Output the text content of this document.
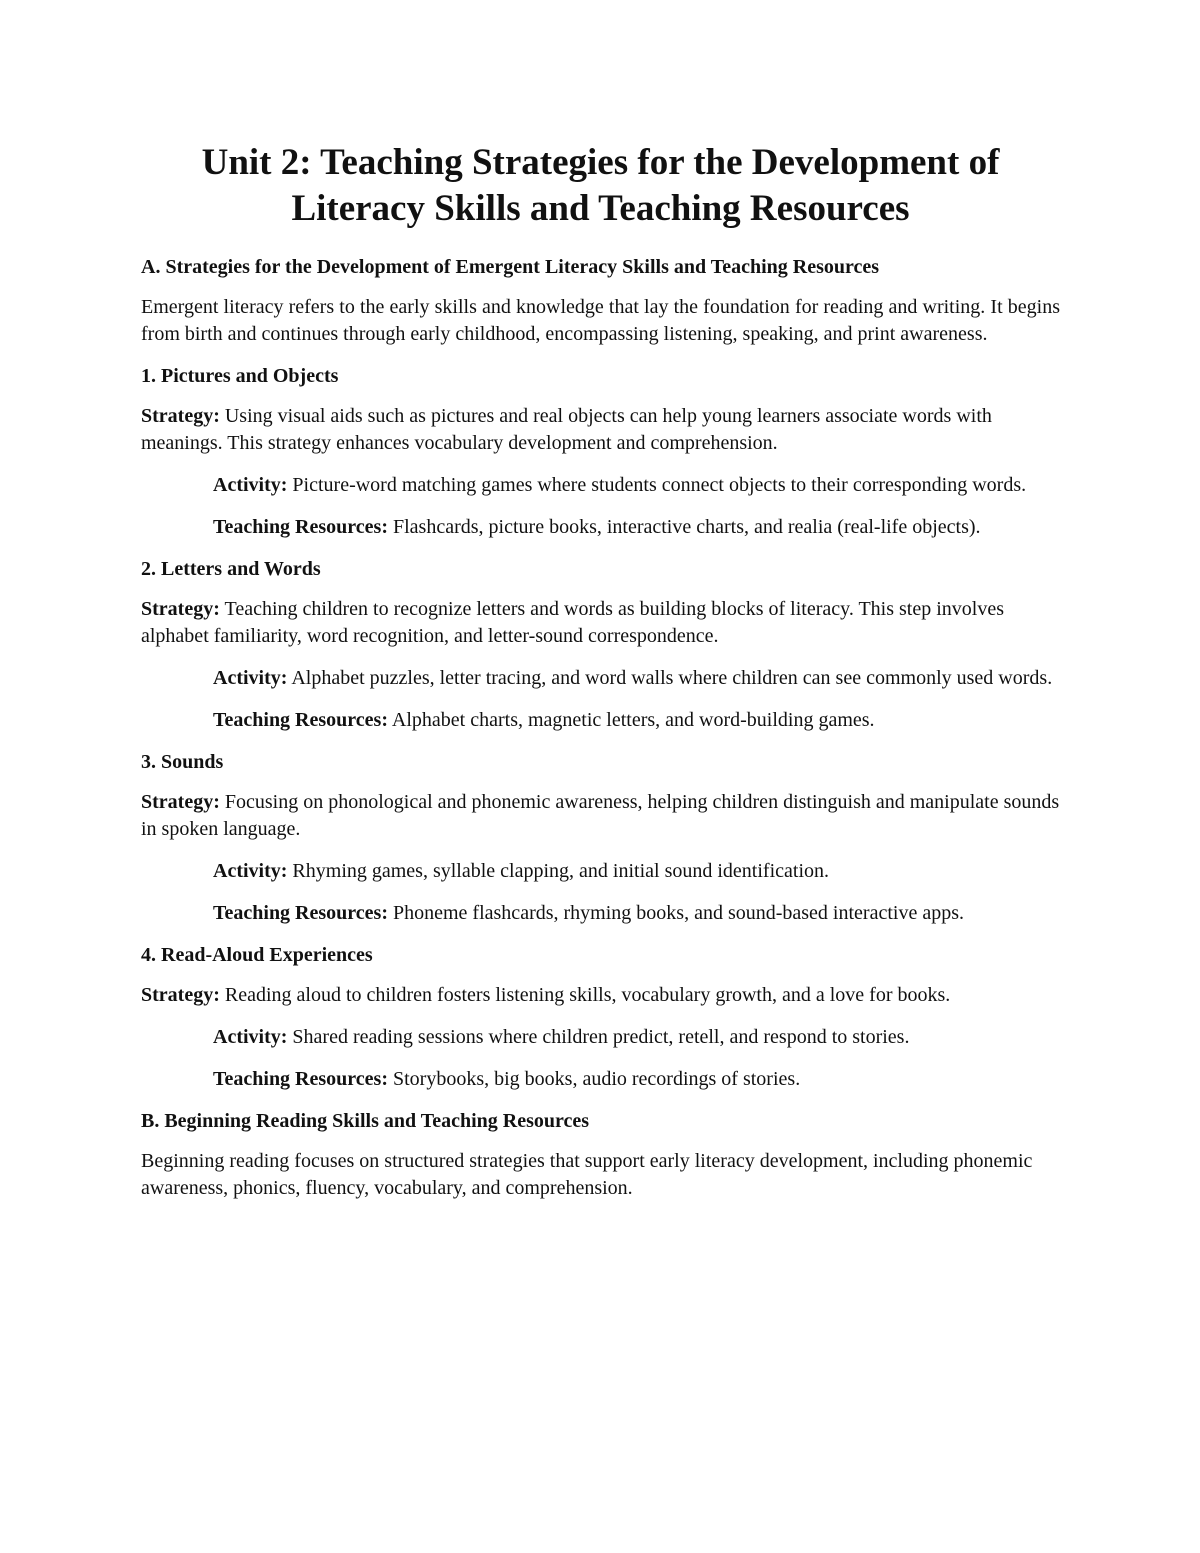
Unit 2: Teaching Strategies for the Development of Literacy Skills and Teaching Resources
A. Strategies for the Development of Emergent Literacy Skills and Teaching Resources

Emergent literacy refers to the early skills and knowledge that lay the foundation for reading and writing. It begins from birth and continues through early childhood, encompassing listening, speaking, and print awareness.

1. Pictures and Objects

Strategy: Using visual aids such as pictures and real objects can help young learners associate words with meanings. This strategy enhances vocabulary development and comprehension.

Activity: Picture-word matching games where students connect objects to their corresponding words.

Teaching Resources: Flashcards, picture books, interactive charts, and realia (real-life objects).

2. Letters and Words

Strategy: Teaching children to recognize letters and words as building blocks of literacy. This step involves alphabet familiarity, word recognition, and letter-sound correspondence.

Activity: Alphabet puzzles, letter tracing, and word walls where children can see commonly used words.

Teaching Resources: Alphabet charts, magnetic letters, and word-building games.

3. Sounds

Strategy: Focusing on phonological and phonemic awareness, helping children distinguish and manipulate sounds in spoken language.

Activity: Rhyming games, syllable clapping, and initial sound identification.

Teaching Resources: Phoneme flashcards, rhyming books, and sound-based interactive apps.

4. Read-Aloud Experiences

Strategy: Reading aloud to children fosters listening skills, vocabulary growth, and a love for books.

Activity: Shared reading sessions where children predict, retell, and respond to stories.

Teaching Resources: Storybooks, big books, audio recordings of stories.

B. Beginning Reading Skills and Teaching Resources

Beginning reading focuses on structured strategies that support early literacy development, including phonemic awareness, phonics, fluency, vocabulary, and comprehension.
